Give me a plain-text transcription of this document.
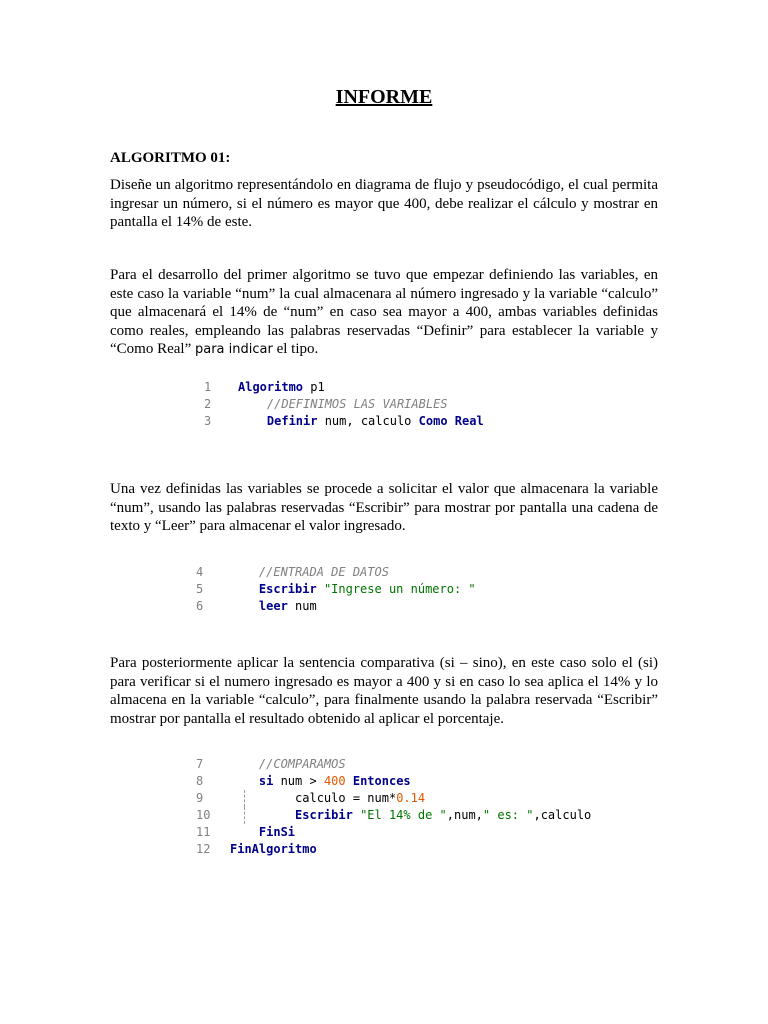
INFORME
ALGORITMO 01:
Diseñe un algoritmo representándolo en diagrama de flujo y pseudocódigo, el cual permita ingresar un número, si el número es mayor que 400, debe realizar el cálculo y mostrar en pantalla el 14% de este.
Para el desarrollo del primer algoritmo se tuvo que empezar definiendo las variables, en este caso la variable “num” la cual almacenara al número ingresado y la variable “calculo” que almacenará el 14% de “num” en caso sea mayor a 400, ambas variables definidas como reales, empleando las palabras reservadas “Definir” para establecer la variable y “Como Real” para indicar el tipo.
1 Algoritmo p1
2	//DEFINIMOS LAS VARIABLES
3	Definir num, calculo Como Real
Una vez definidas las variables se procede a solicitar el valor que almacenara la variable “num”, usando las palabras reservadas “Escribir” para mostrar por pantalla una cadena de texto y “Leer” para almacenar el valor ingresado.
4	//ENTRADA DE DATOS
5	Escribir "Ingrese un número: "
6	leer num
Para posteriormente aplicar la sentencia comparativa (si – sino), en este caso solo el (si) para verificar si el numero ingresado es mayor a 400 y si en caso lo sea aplica el 14% y lo almacena en la variable “calculo”, para finalmente usando la palabra reservada “Escribir” mostrar por pantalla el resultado obtenido al aplicar el porcentaje.
7	//COMPARAMOS
8	si num > 400 Entonces
9	calculo = num*0.14
10	Escribir "El 14% de ",num," es: ",calculo
11	FinSi
12 FinAlgoritmo
